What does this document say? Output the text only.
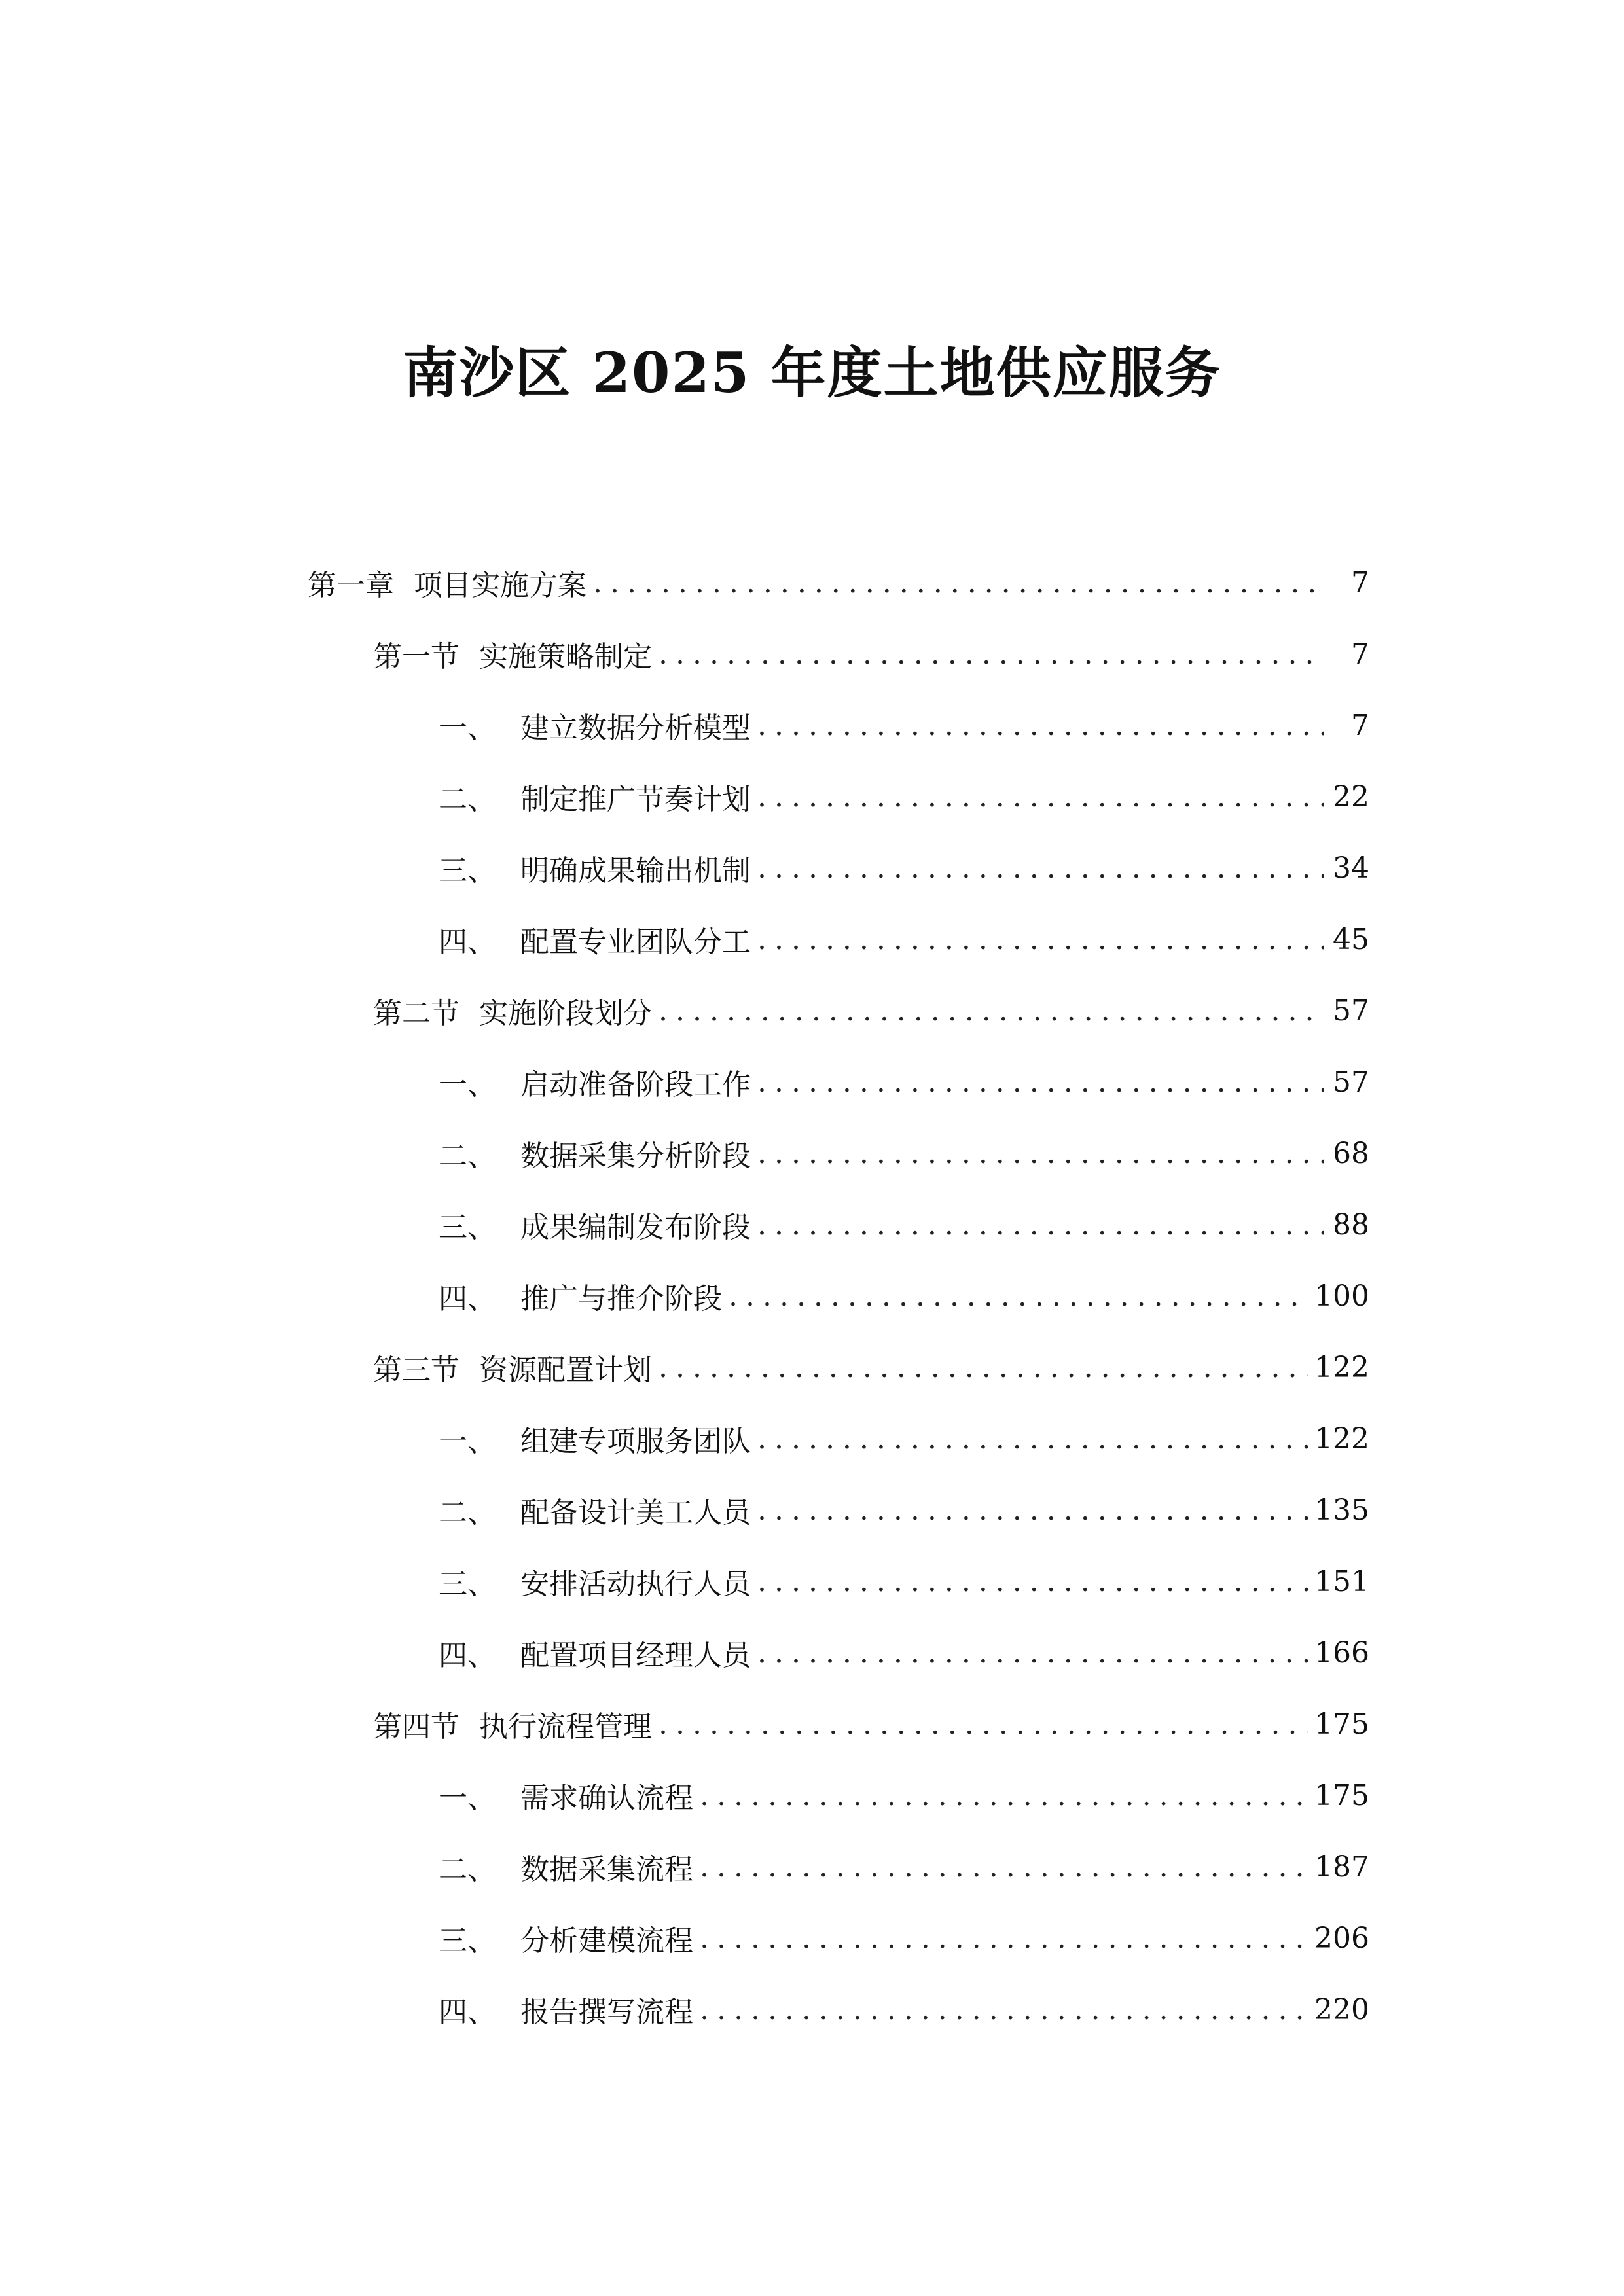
南沙区 2025 年度土地供应服务
第一章 项目实施方案 .....	7
第一节 实施策略制定 .....	7
一、 建立数据分析模型 .....	7
二、 制定推广节奏计划 .....	22
三、 明确成果输出机制 .....	34
四、 配置专业团队分工 .....	45
第二节 实施阶段划分 .....	57
一、 启动准备阶段工作 .....	57
二、 数据采集分析阶段 .....	68
三、 成果编制发布阶段 .....	88
四、 推广与推介阶段 .....	100
第三节 资源配置计划 .....	122
一、 组建专项服务团队 .....	122
二、 配备设计美工人员 .....	135
三、 安排活动执行人员 .....	151
四、 配置项目经理人员 .....	166
第四节 执行流程管理 .....	175
一、 需求确认流程 .....	175
二、 数据采集流程 .....	187
三、 分析建模流程 .....	206
四、 报告撰写流程 .....	220
